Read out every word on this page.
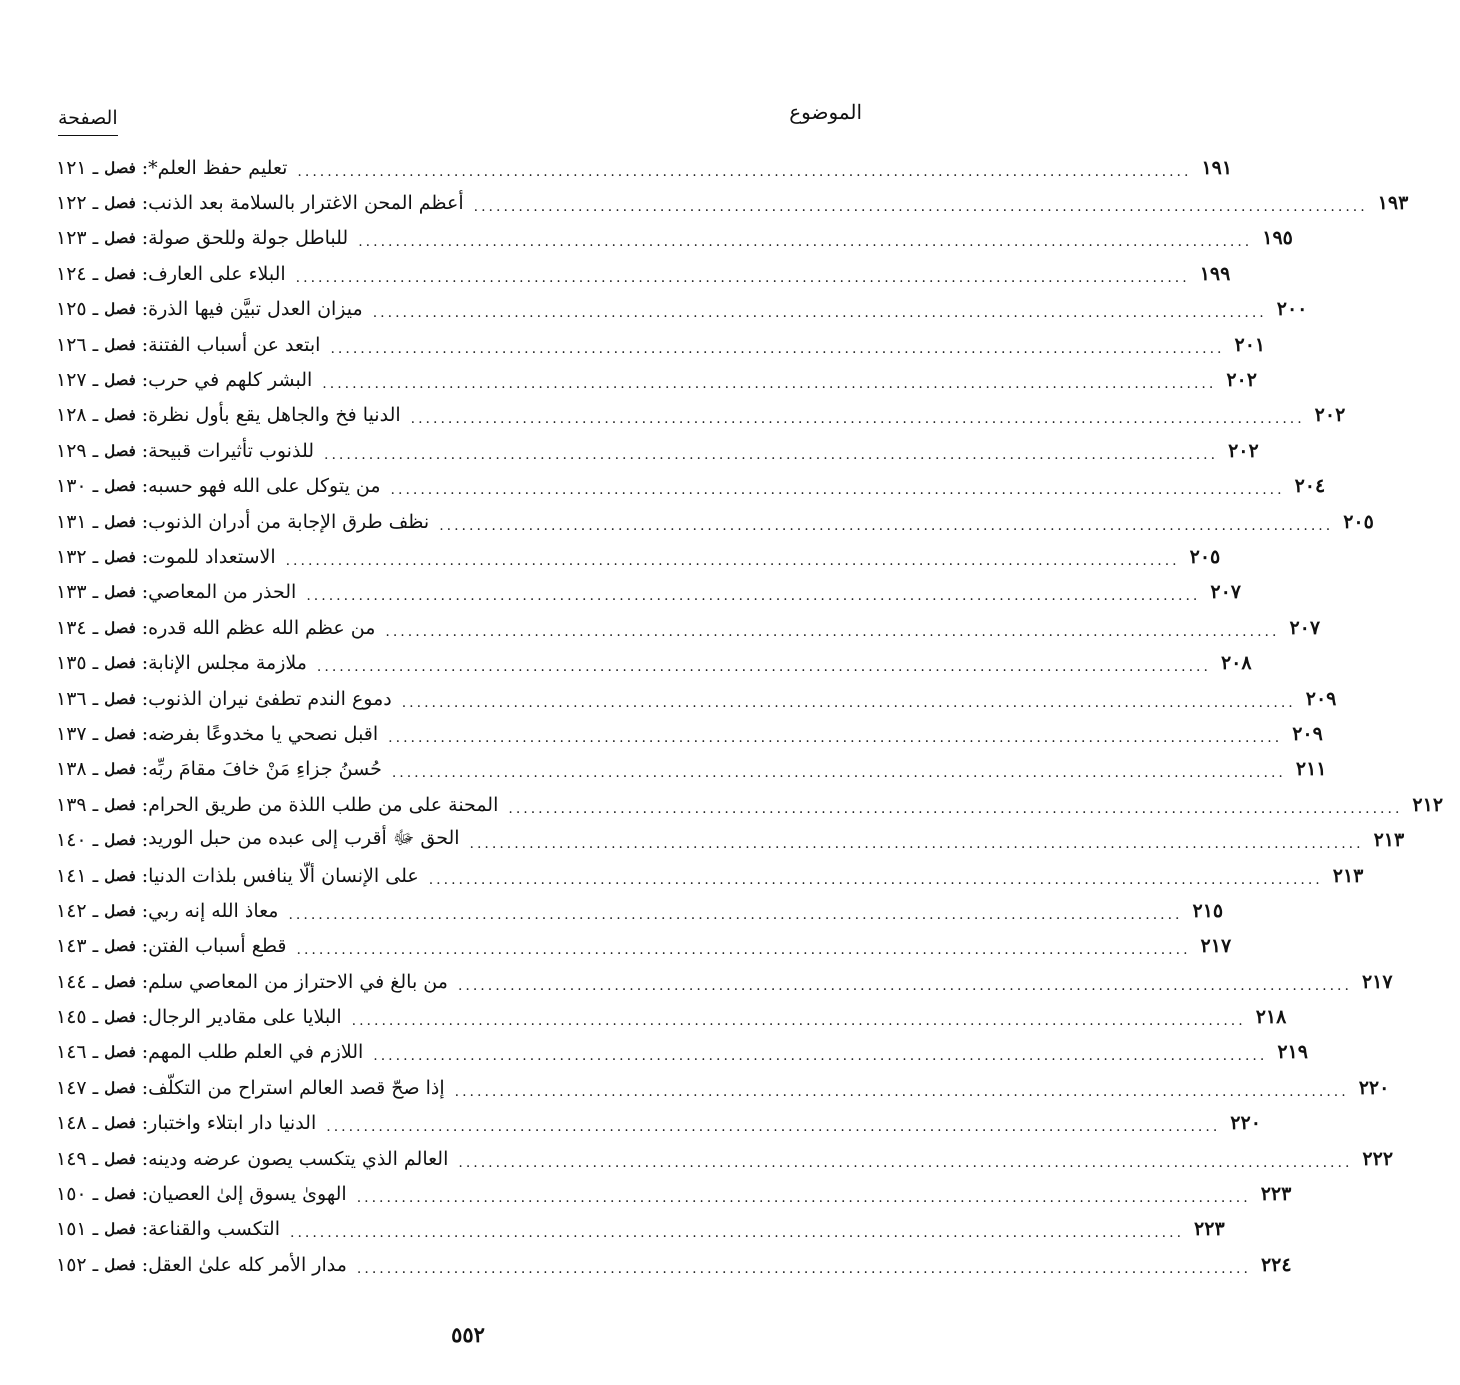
الموضوع
الصفحة
١٢١ ـ فصل : تعليم حفظ العلم* ........................................................................................................................ ١٩١
١٢٢ ـ فصل : أعظم المحن الاغترار بالسلامة بعد الذنب ........................................................................................................................ ١٩٣
١٢٣ ـ فصل : للباطل جولة وللحق صولة ........................................................................................................................ ١٩٥
١٢٤ ـ فصل : البلاء على العارف ........................................................................................................................ ١٩٩
١٢٥ ـ فصل : ميزان العدل تبيَّن فيها الذرة ........................................................................................................................ ٢٠٠
١٢٦ ـ فصل : ابتعد عن أسباب الفتنة ........................................................................................................................ ٢٠١
١٢٧ ـ فصل : البشر كلهم في حرب ........................................................................................................................ ٢٠٢
١٢٨ ـ فصل : الدنيا فخ والجاهل يقع بأول نظرة ........................................................................................................................ ٢٠٢
١٢٩ ـ فصل : للذنوب تأثيرات قبيحة ........................................................................................................................ ٢٠٢
١٣٠ ـ فصل : من يتوكل على الله فهو حسبه ........................................................................................................................ ٢٠٤
١٣١ ـ فصل : نظف طرق الإجابة من أدران الذنوب ........................................................................................................................ ٢٠٥
١٣٢ ـ فصل : الاستعداد للموت ........................................................................................................................ ٢٠٥
١٣٣ ـ فصل : الحذر من المعاصي ........................................................................................................................ ٢٠٧
١٣٤ ـ فصل : من عظم الله عظم الله قدره ........................................................................................................................ ٢٠٧
١٣٥ ـ فصل : ملازمة مجلس الإنابة ........................................................................................................................ ٢٠٨
١٣٦ ـ فصل : دموع الندم تطفئ نيران الذنوب ........................................................................................................................ ٢٠٩
١٣٧ ـ فصل : اقبل نصحي يا مخدوعًا بفرضه ........................................................................................................................ ٢٠٩
١٣٨ ـ فصل : حُسنُ جزاءِ مَنْ خافَ مقامَ ربِّه ........................................................................................................................ ٢١١
١٣٩ ـ فصل : المحنة على من طلب اللذة من طريق الحرام ........................................................................................................................ ٢١٢
١٤٠ ـ فصل : الحق ﷻ أقرب إلى عبده من حبل الوريد ........................................................................................................................ ٢١٣
١٤١ ـ فصل : على الإنسان ألّا ينافس بلذات الدنيا ........................................................................................................................ ٢١٣
١٤٢ ـ فصل : معاذ الله إنه ربي ........................................................................................................................ ٢١٥
١٤٣ ـ فصل : قطع أسباب الفتن ........................................................................................................................ ٢١٧
١٤٤ ـ فصل : من بالغ في الاحتراز من المعاصي سلم ........................................................................................................................ ٢١٧
١٤٥ ـ فصل : البلايا على مقادير الرجال ........................................................................................................................ ٢١٨
١٤٦ ـ فصل : اللازم في العلم طلب المهم ........................................................................................................................ ٢١٩
١٤٧ ـ فصل : إذا صحّ قصد العالم استراح من التكلّف ........................................................................................................................ ٢٢٠
١٤٨ ـ فصل : الدنيا دار ابتلاء واختبار ........................................................................................................................ ٢٢٠
١٤٩ ـ فصل : العالم الذي يتكسب يصون عرضه ودينه ........................................................................................................................ ٢٢٢
١٥٠ ـ فصل : الهوىٰ يسوق إلىٰ العصيان ........................................................................................................................ ٢٢٣
١٥١ ـ فصل : التكسب والقناعة ........................................................................................................................ ٢٢٣
١٥٢ ـ فصل : مدار الأمر كله علىٰ العقل ........................................................................................................................ ٢٢٤
٥٥٢
